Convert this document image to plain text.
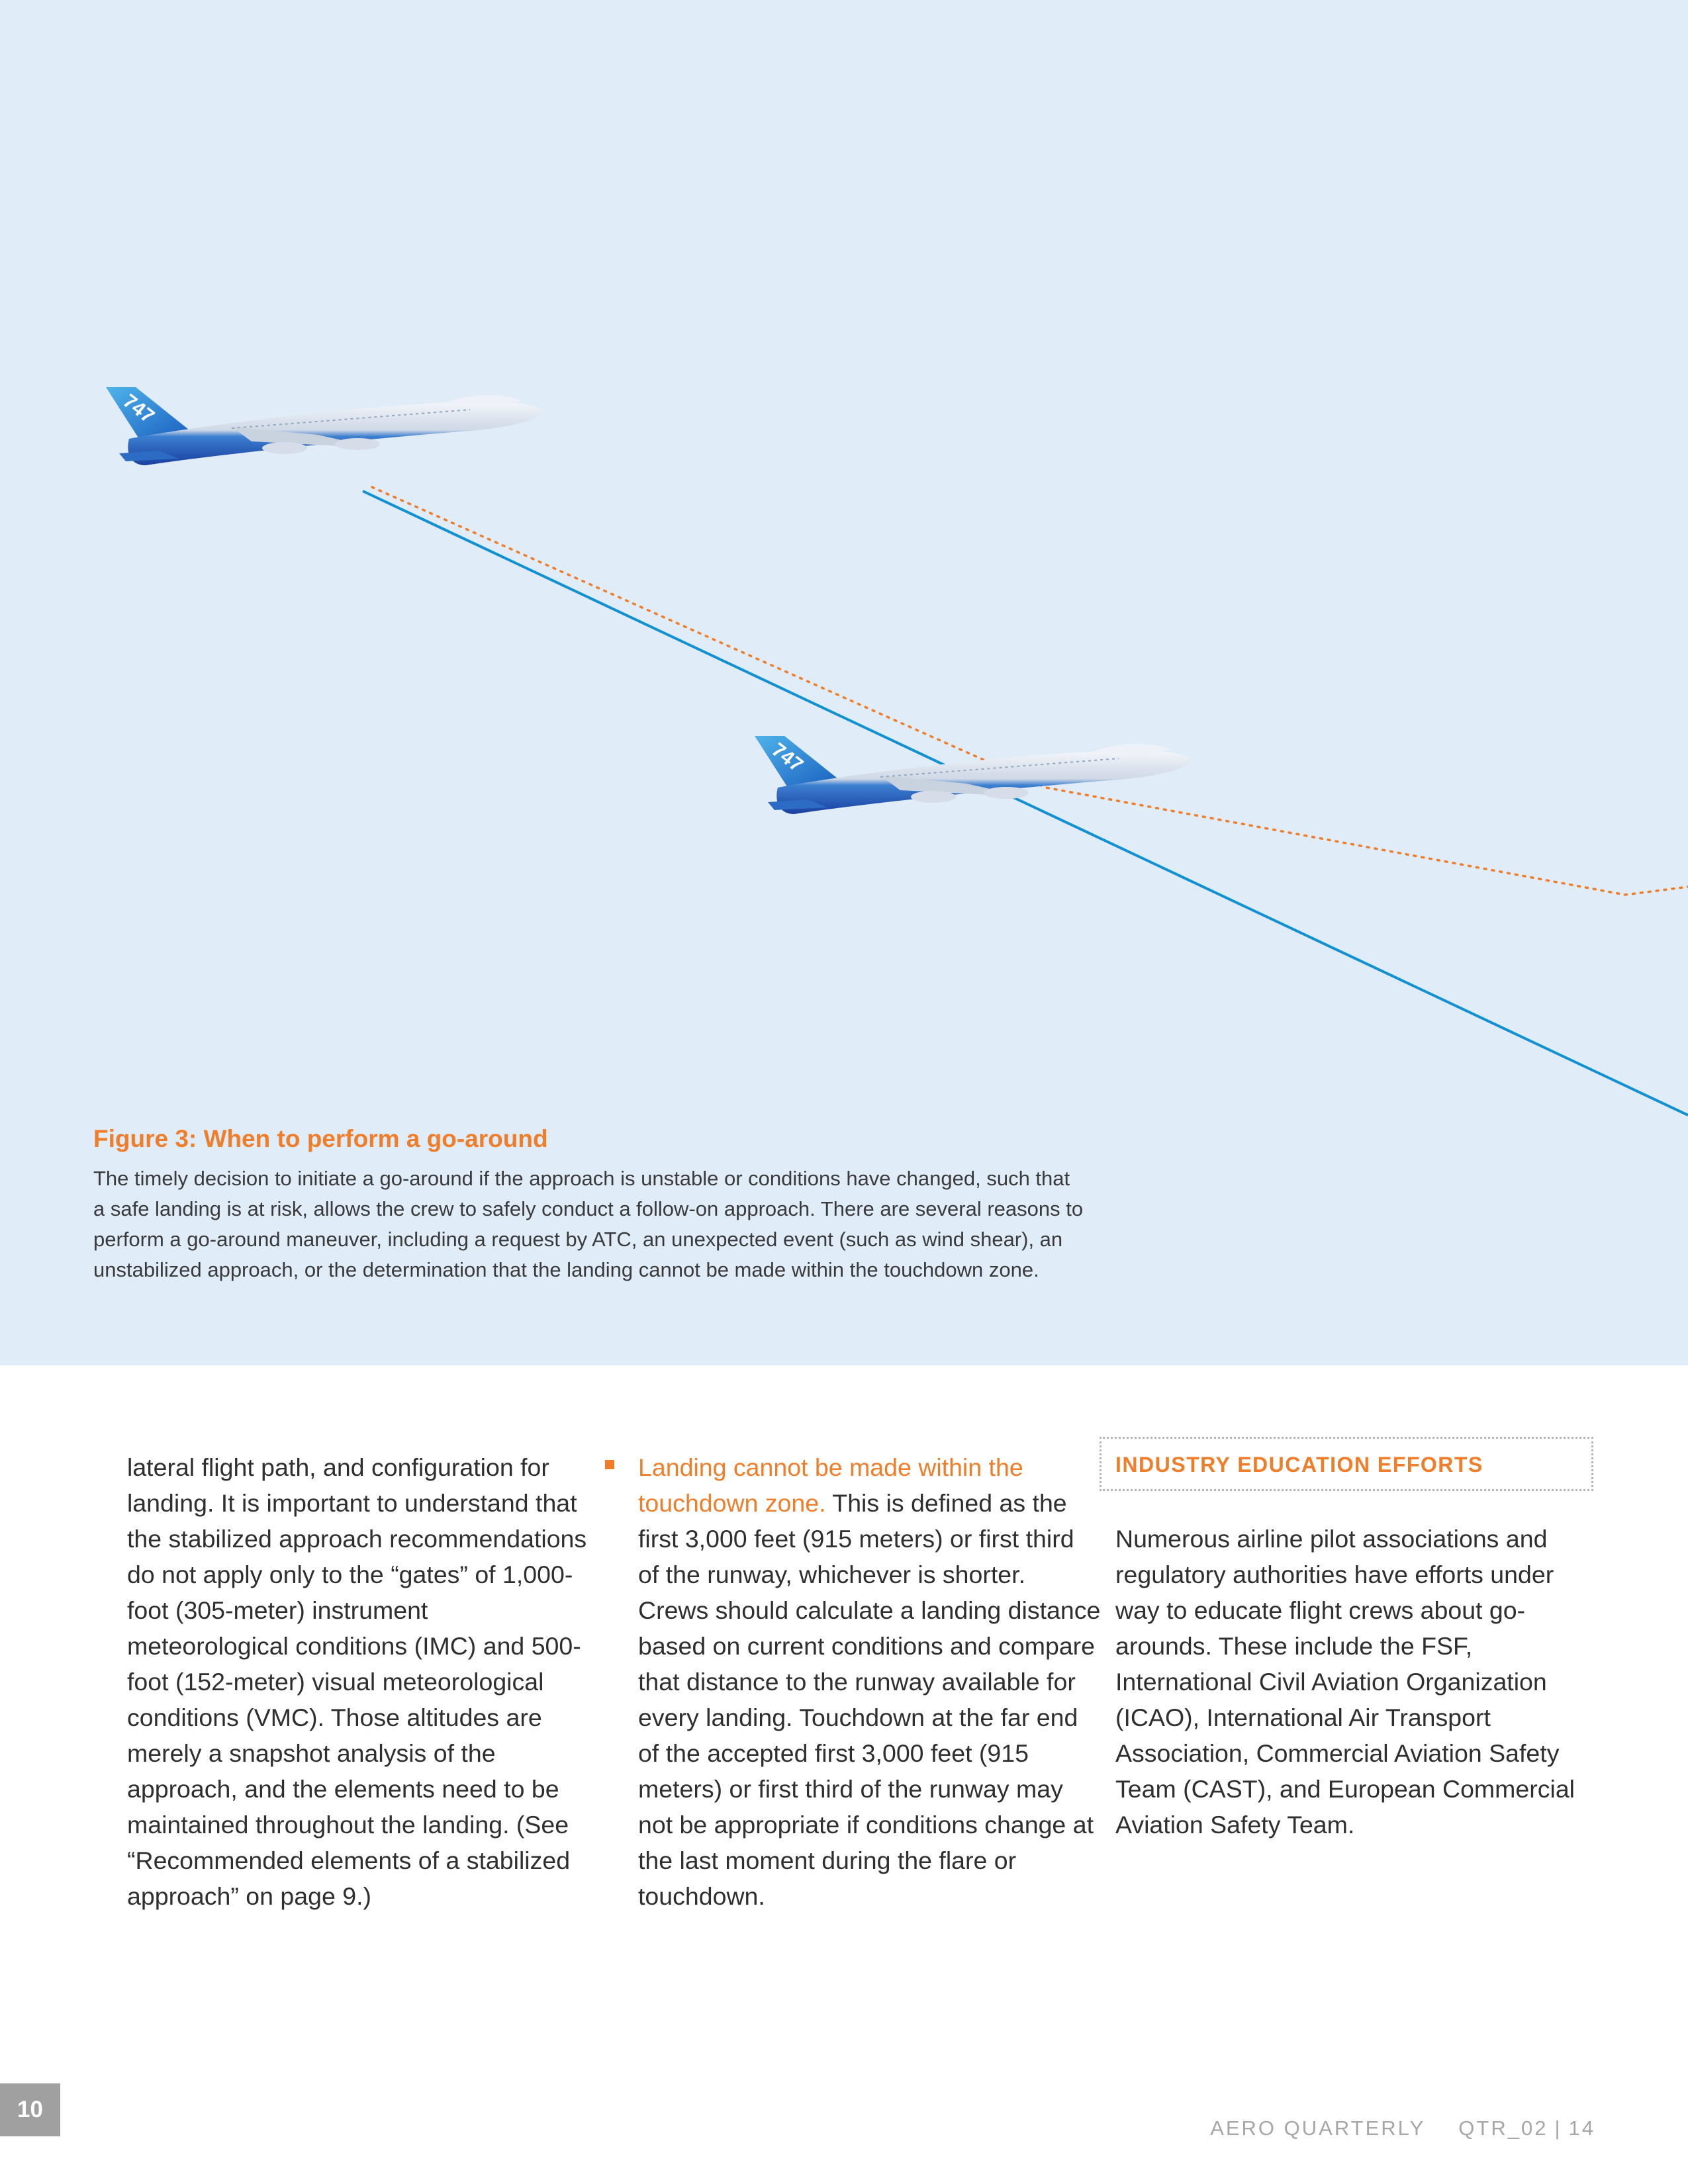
747
Figure 3: When to perform a go-around
The timely decision to initiate a go-around if the approach is unstable or conditions have changed, such that a safe landing is at risk, allows the crew to safely conduct a follow-on approach. There are several reasons to perform a go-around maneuver, including a request by ATC, an unexpected event (such as wind shear), an unstabilized approach, or the determination that the landing cannot be made within the touchdown zone.
lateral flight path, and configuration for landing. It is important to understand that the stabilized approach recommendations do not apply only to the “gates” of 1,000-foot (305-meter) instrument meteorological conditions (IMC) and 500-foot (152-meter) visual meteorological conditions (VMC). Those altitudes are merely a snapshot analysis of the approach, and the elements need to be maintained throughout the landing. (See “Recommended elements of a stabilized approach” on page 9.)
Landing cannot be made within the touchdown zone. This is defined as the first 3,000 feet (915 meters) or first third of the runway, whichever is shorter. Crews should calculate a landing distance based on current conditions and compare that distance to the runway available for every landing. Touchdown at the far end of the accepted first 3,000 feet (915 meters) or first third of the runway may not be appropriate if conditions change at the last moment during the flare or touchdown.
INDUSTRY EDUCATION EFFORTS
Numerous airline pilot associations and regulatory authorities have efforts under way to educate flight crews about go-arounds. These include the FSF, International Civil Aviation Organization (ICAO), International Air Transport Association, Commercial Aviation Safety Team (CAST), and European Commercial Aviation Safety Team.
10
AERO QUARTERLY QTR_02 | 14
